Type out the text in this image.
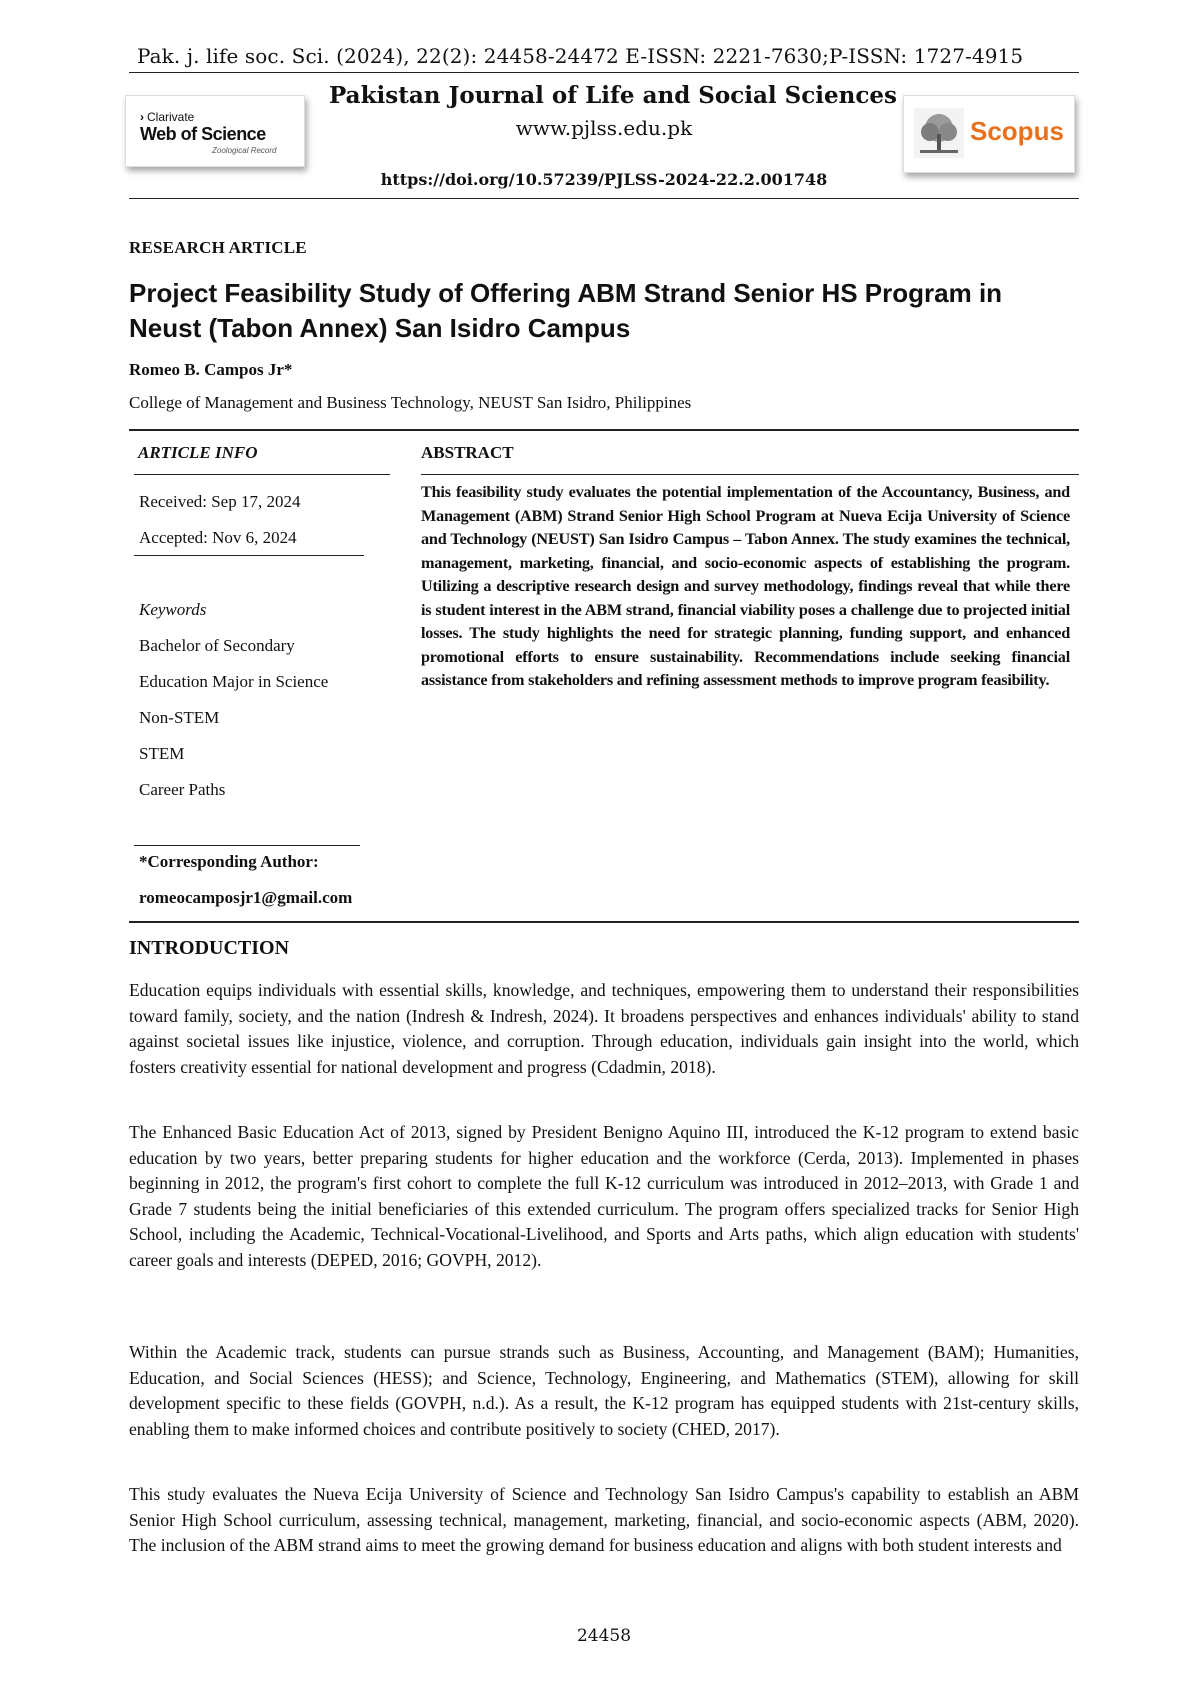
Pak. j. life soc. Sci. (2024), 22(2): 24458-24472 E-ISSN: 2221-7630;P-ISSN: 1727-4915
› Clarivate
Web of Science
Zoological Record
Pakistan Journal of Life and Social Sciences
www.pjlss.edu.pk	Scopus
https://doi.org/10.57239/PJLSS-2024-22.2.001748
RESEARCH ARTICLE
Project Feasibility Study of Offering ABM Strand Senior HS Program in Neust (Tabon Annex) San Isidro Campus
Romeo B. Campos Jr*
College of Management and Business Technology, NEUST San Isidro, Philippines
ARTICLE INFO	ABSTRACT
Received: Sep 17, 2024
Accepted: Nov 6, 2024
Keywords
Bachelor of Secondary
Education Major in Science
Non-STEM
STEM
Career Paths
*Corresponding Author:
romeocamposjr1@gmail.com
This feasibility study evaluates the potential implementation of the Accountancy, Business, and Management (ABM) Strand Senior High School Program at Nueva Ecija University of Science and Technology (NEUST) San Isidro Campus – Tabon Annex. The study examines the technical, management, marketing, financial, and socio-economic aspects of establishing the program. Utilizing a descriptive research design and survey methodology, findings reveal that while there is student interest in the ABM strand, financial viability poses a challenge due to projected initial losses. The study highlights the need for strategic planning, funding support, and enhanced promotional efforts to ensure sustainability. Recommendations include seeking financial assistance from stakeholders and refining assessment methods to improve program feasibility.
INTRODUCTION
Education equips individuals with essential skills, knowledge, and techniques, empowering them to understand their responsibilities toward family, society, and the nation (Indresh & Indresh, 2024). It broadens perspectives and enhances individuals' ability to stand against societal issues like injustice, violence, and corruption. Through education, individuals gain insight into the world, which fosters creativity essential for national development and progress (Cdadmin, 2018).
The Enhanced Basic Education Act of 2013, signed by President Benigno Aquino III, introduced the K-12 program to extend basic education by two years, better preparing students for higher education and the workforce (Cerda, 2013). Implemented in phases beginning in 2012, the program's first cohort to complete the full K-12 curriculum was introduced in 2012–2013, with Grade 1 and Grade 7 students being the initial beneficiaries of this extended curriculum. The program offers specialized tracks for Senior High School, including the Academic, Technical-Vocational-Livelihood, and Sports and Arts paths, which align education with students' career goals and interests (DEPED, 2016; GOVPH, 2012).
Within the Academic track, students can pursue strands such as Business, Accounting, and Management (BAM); Humanities, Education, and Social Sciences (HESS); and Science, Technology, Engineering, and Mathematics (STEM), allowing for skill development specific to these fields (GOVPH, n.d.). As a result, the K-12 program has equipped students with 21st-century skills, enabling them to make informed choices and contribute positively to society (CHED, 2017).
This study evaluates the Nueva Ecija University of Science and Technology San Isidro Campus's capability to establish an ABM Senior High School curriculum, assessing technical, management, marketing, financial, and socio-economic aspects (ABM, 2020). The inclusion of the ABM strand aims to meet the growing demand for business education and aligns with both student interests and
24458
